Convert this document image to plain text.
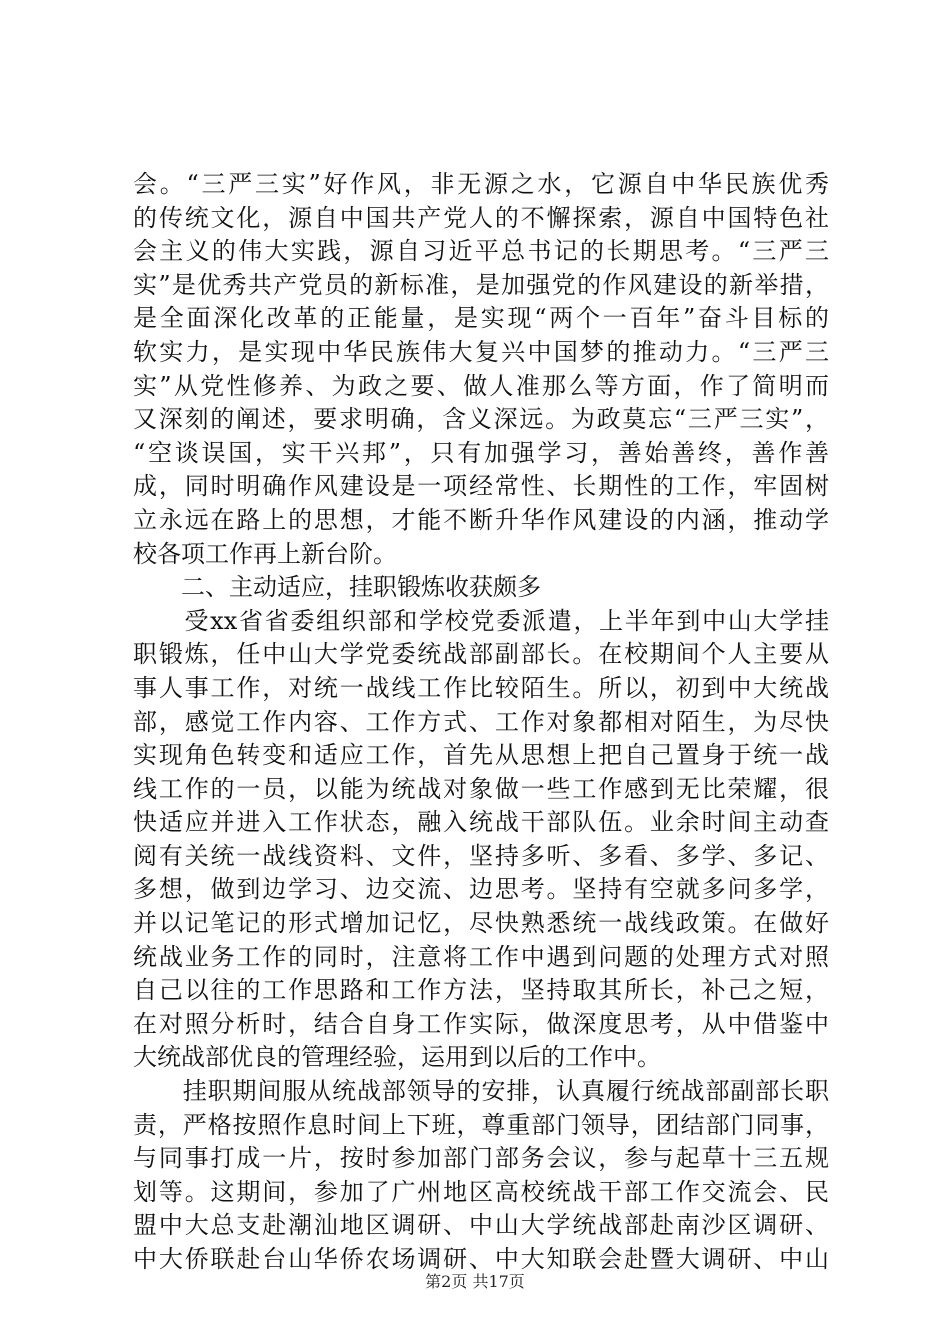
会。“三严三实”好作风，非无源之水，它源自中华民族优秀
的传统文化，源自中国共产党人的不懈探索，源自中国特色社
会主义的伟大实践，源自习近平总书记的长期思考。“三严三
实”是优秀共产党员的新标准，是加强党的作风建设的新举措，
是全面深化改革的正能量，是实现“两个一百年”奋斗目标的
软实力，是实现中华民族伟大复兴中国梦的推动力。“三严三
实”从党性修养、为政之要、做人准那么等方面，作了简明而
又深刻的阐述，要求明确，含义深远。为政莫忘“三严三实”，
“空谈误国，实干兴邦”，只有加强学习，善始善终，善作善
成，同时明确作风建设是一项经常性、长期性的工作，牢固树
立永远在路上的思想，才能不断升华作风建设的内涵，推动学
校各项工作再上新台阶。
　　二、主动适应，挂职锻炼收获颇多
　　受xx省省委组织部和学校党委派遣，上半年到中山大学挂
职锻炼，任中山大学党委统战部副部长。在校期间个人主要从
事人事工作，对统一战线工作比较陌生。所以，初到中大统战
部，感觉工作内容、工作方式、工作对象都相对陌生，为尽快
实现角色转变和适应工作，首先从思想上把自己置身于统一战
线工作的一员，以能为统战对象做一些工作感到无比荣耀，很
快适应并进入工作状态，融入统战干部队伍。业余时间主动查
阅有关统一战线资料、文件，坚持多听、多看、多学、多记、
多想，做到边学习、边交流、边思考。坚持有空就多问多学，
并以记笔记的形式增加记忆，尽快熟悉统一战线政策。在做好
统战业务工作的同时，注意将工作中遇到问题的处理方式对照
自己以往的工作思路和工作方法，坚持取其所长，补己之短，
在对照分析时，结合自身工作实际，做深度思考，从中借鉴中
大统战部优良的管理经验，运用到以后的工作中。
　　挂职期间服从统战部领导的安排，认真履行统战部副部长职
责，严格按照作息时间上下班，尊重部门领导，团结部门同事，
与同事打成一片，按时参加部门部务会议，参与起草十三五规
划等。这期间，参加了广州地区高校统战干部工作交流会、民
盟中大总支赴潮汕地区调研、中山大学统战部赴南沙区调研、
中大侨联赴台山华侨农场调研、中大知联会赴暨大调研、中山
第2页 共17页
